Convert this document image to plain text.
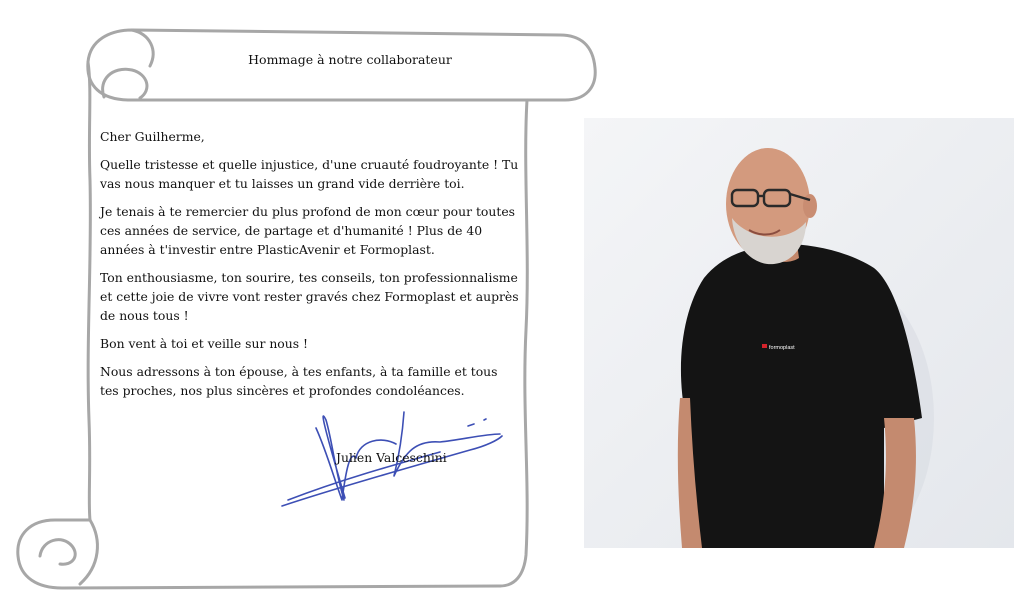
Hommage à notre collaborateur

Cher Guilherme,

Quelle tristesse et quelle injustice, d'une cruauté foudroyante ! Tu vas nous manquer et tu laisses un grand vide derrière toi.

Je tenais à te remercier du plus profond de mon cœur pour toutes ces années de service, de partage et d'humanité ! Plus de 40 années à t'investir entre PlasticAvenir et Formoplast.

Ton enthousiasme, ton sourire, tes conseils, ton professionnalisme et cette joie de vivre vont rester gravés chez Formoplast et auprès de nous tous !

Bon vent à toi et veille sur nous !

Nous adressons à ton épouse, à tes enfants, à ta famille et tous tes proches, nos plus sincères et profondes condoléances.

Julien Valceschini
formoplast
